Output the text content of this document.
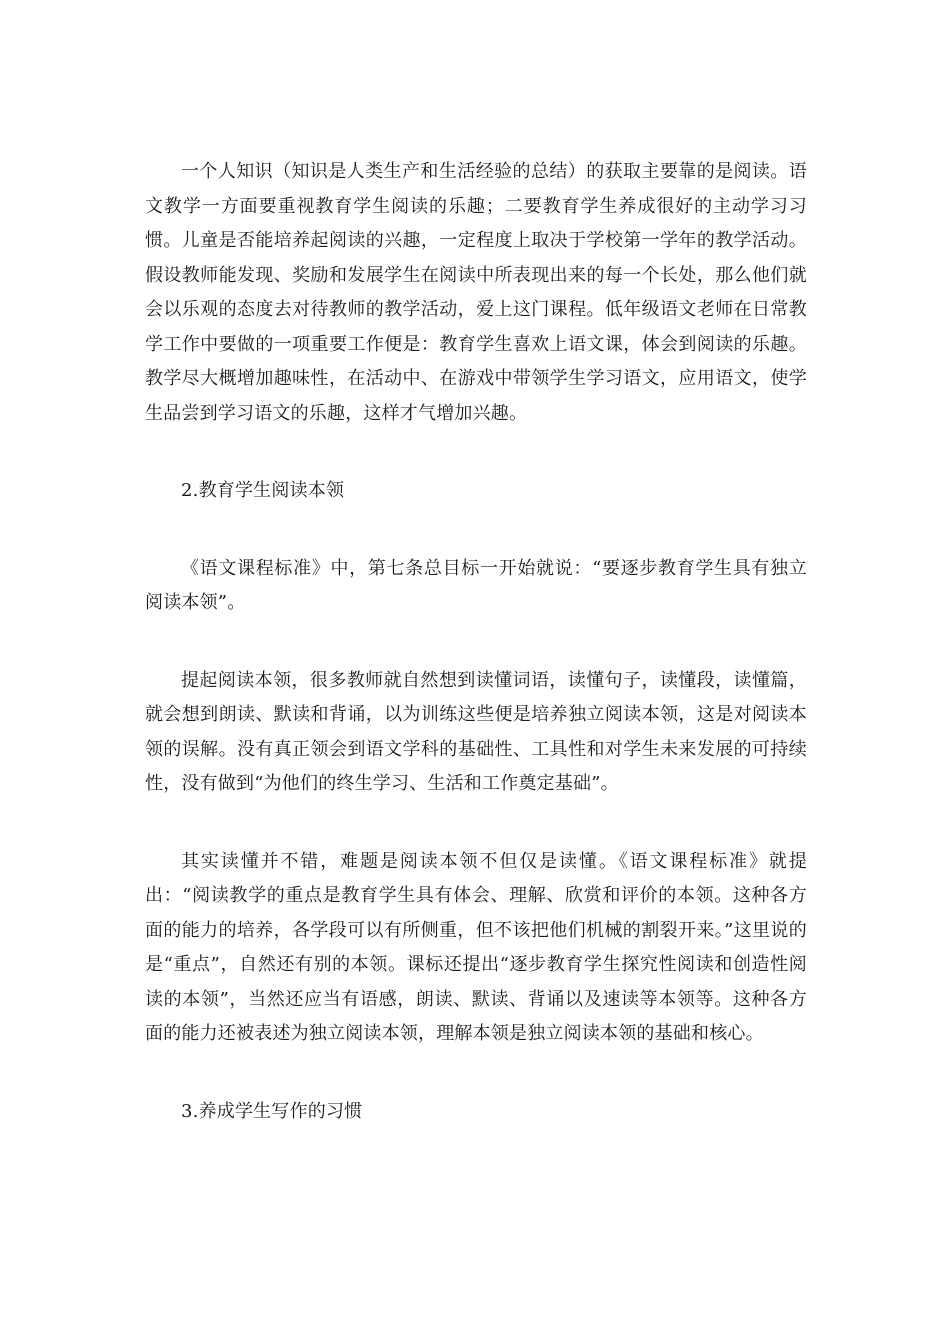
一个人知识（知识是人类生产和生活经验的总结）的获取主要靠的是阅读。语文教学一方面要重视教育学生阅读的乐趣；二要教育学生养成很好的主动学习习惯。儿童是否能培养起阅读的兴趣，一定程度上取决于学校第一学年的教学活动。假设教师能发现、奖励和发展学生在阅读中所表现出来的每一个长处，那么他们就会以乐观的态度去对待教师的教学活动，爱上这门课程。低年级语文老师在日常教学工作中要做的一项重要工作便是：教育学生喜欢上语文课，体会到阅读的乐趣。教学尽大概增加趣味性，在活动中、在游戏中带领学生学习语文，应用语文，使学生品尝到学习语文的乐趣，这样才气增加兴趣。

2.教育学生阅读本领

《语文课程标准》中，第七条总目标一开始就说：“要逐步教育学生具有独立阅读本领”。

提起阅读本领，很多教师就自然想到读懂词语，读懂句子，读懂段，读懂篇，就会想到朗读、默读和背诵，以为训练这些便是培养独立阅读本领，这是对阅读本领的误解。没有真正领会到语文学科的基础性、工具性和对学生未来发展的可持续性，没有做到“为他们的终生学习、生活和工作奠定基础”。

其实读懂并不错，难题是阅读本领不但仅是读懂。《语文课程标准》就提出：“阅读教学的重点是教育学生具有体会、理解、欣赏和评价的本领。这种各方面的能力的培养，各学段可以有所侧重，但不该把他们机械的割裂开来。”这里说的是“重点”，自然还有别的本领。课标还提出“逐步教育学生探究性阅读和创造性阅读的本领”，当然还应当有语感，朗读、默读、背诵以及速读等本领等。这种各方面的能力还被表述为独立阅读本领，理解本领是独立阅读本领的基础和核心。

3.养成学生写作的习惯
